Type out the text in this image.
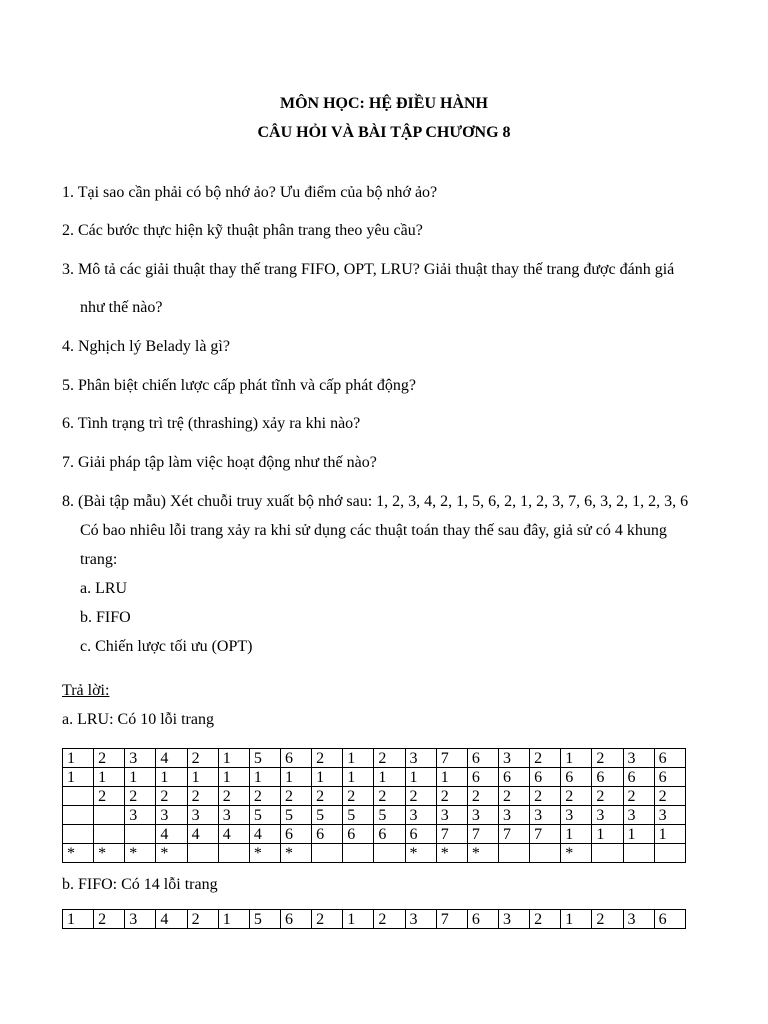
MÔN HỌC: HỆ ĐIỀU HÀNH
CÂU HỎI VÀ BÀI TẬP CHƯƠNG 8
1. Tại sao cần phải có bộ nhớ ảo? Ưu điểm của bộ nhớ ảo?
2. Các bước thực hiện kỹ thuật phân trang theo yêu cầu?
3. Mô tả các giải thuật thay thế trang FIFO, OPT, LRU? Giải thuật thay thế trang được đánh giá
như thế nào?
4. Nghịch lý Belady là gì?
5. Phân biệt chiến lược cấp phát tĩnh và cấp phát động?
6. Tình trạng trì trệ (thrashing) xảy ra khi nào?
7. Giải pháp tập làm việc hoạt động như thế nào?
8. (Bài tập mẫu) Xét chuỗi truy xuất bộ nhớ sau: 1, 2, 3, 4, 2, 1, 5, 6, 2, 1, 2, 3, 7, 6, 3, 2, 1, 2, 3, 6
Có bao nhiêu lỗi trang xảy ra khi sử dụng các thuật toán thay thế sau đây, giả sử có 4 khung
trang:
a. LRU
b. FIFO
c. Chiến lược tối ưu (OPT)
Trả lời:
a. LRU: Có 10 lỗi trang
1	2	3	4	2	1	5	6	2	1	2	3	7	6	3	2	1	2	3	6
1	1	1	1	1	1	1	1	1	1	1	1	1	6	6	6	6	6	6	6
	2	2	2	2	2	2	2	2	2	2	2	2	2	2	2	2	2	2	2
		3	3	3	3	5	5	5	5	5	3	3	3	3	3	3	3	3	3
			4	4	4	4	6	6	6	6	6	7	7	7	7	1	1	1	1
*	*	*	*			*	*				*	*	*			*			
b. FIFO: Có 14 lỗi trang
1	2	3	4	2	1	5	6	2	1	2	3	7	6	3	2	1	2	3	6
